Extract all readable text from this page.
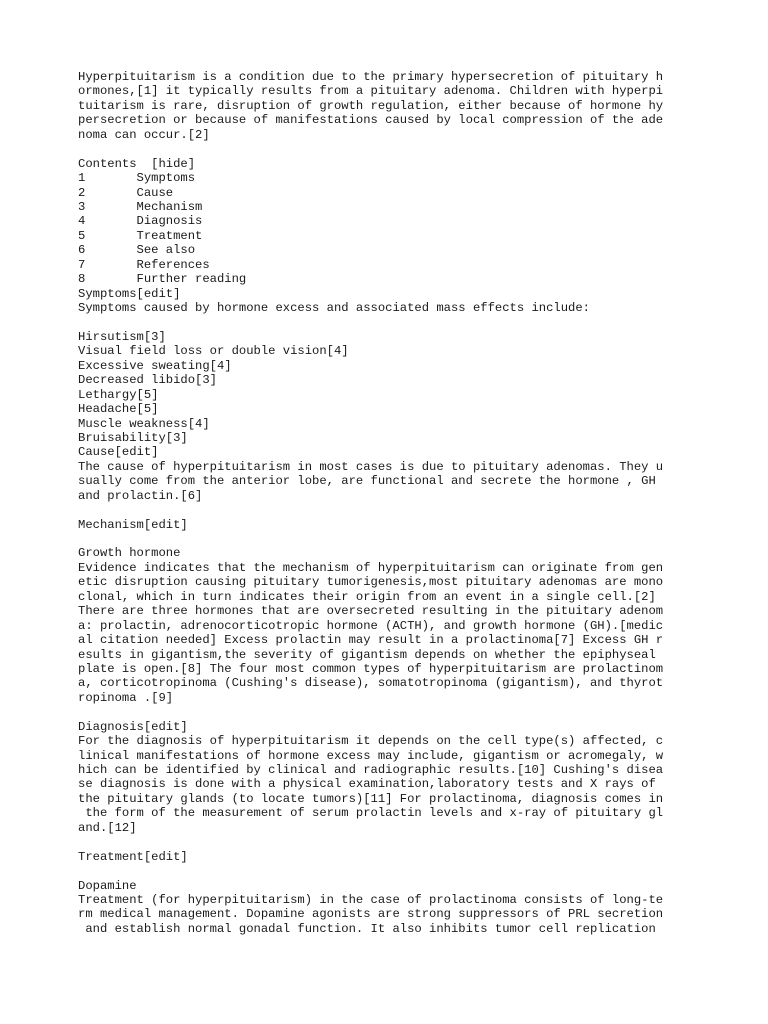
Hyperpituitarism is a condition due to the primary hypersecretion of pituitary h
ormones,[1] it typically results from a pituitary adenoma. Children with hyperpi
tuitarism is rare, disruption of growth regulation, either because of hormone hy
persecretion or because of manifestations caused by local compression of the ade
noma can occur.[2]
Contents  [hide]
1       Symptoms
2       Cause
3       Mechanism
4       Diagnosis
5       Treatment
6       See also
7       References
8       Further reading
Symptoms[edit]
Symptoms caused by hormone excess and associated mass effects include:
Hirsutism[3]
Visual field loss or double vision[4]
Excessive sweating[4]
Decreased libido[3]
Lethargy[5]
Headache[5]
Muscle weakness[4]
Bruisability[3]
Cause[edit]
The cause of hyperpituitarism in most cases is due to pituitary adenomas. They u
sually come from the anterior lobe, are functional and secrete the hormone , GH
and prolactin.[6]
Mechanism[edit]
Growth hormone
Evidence indicates that the mechanism of hyperpituitarism can originate from gen
etic disruption causing pituitary tumorigenesis,most pituitary adenomas are mono
clonal, which in turn indicates their origin from an event in a single cell.[2]
There are three hormones that are oversecreted resulting in the pituitary adenom
a: prolactin, adrenocorticotropic hormone (ACTH), and growth hormone (GH).[medic
al citation needed] Excess prolactin may result in a prolactinoma[7] Excess GH r
esults in gigantism,the severity of gigantism depends on whether the epiphyseal
plate is open.[8] The four most common types of hyperpituitarism are prolactinom
a, corticotropinoma (Cushing's disease), somatotropinoma (gigantism), and thyrot
ropinoma .[9]
Diagnosis[edit]
For the diagnosis of hyperpituitarism it depends on the cell type(s) affected, c
linical manifestations of hormone excess may include, gigantism or acromegaly, w
hich can be identified by clinical and radiographic results.[10] Cushing's disea
se diagnosis is done with a physical examination,laboratory tests and X rays of
the pituitary glands (to locate tumors)[11] For prolactinoma, diagnosis comes in
the form of the measurement of serum prolactin levels and x-ray of pituitary gl
and.[12]
Treatment[edit]
Dopamine
Treatment (for hyperpituitarism) in the case of prolactinoma consists of long-te
rm medical management. Dopamine agonists are strong suppressors of PRL secretion
and establish normal gonadal function. It also inhibits tumor cell replication
